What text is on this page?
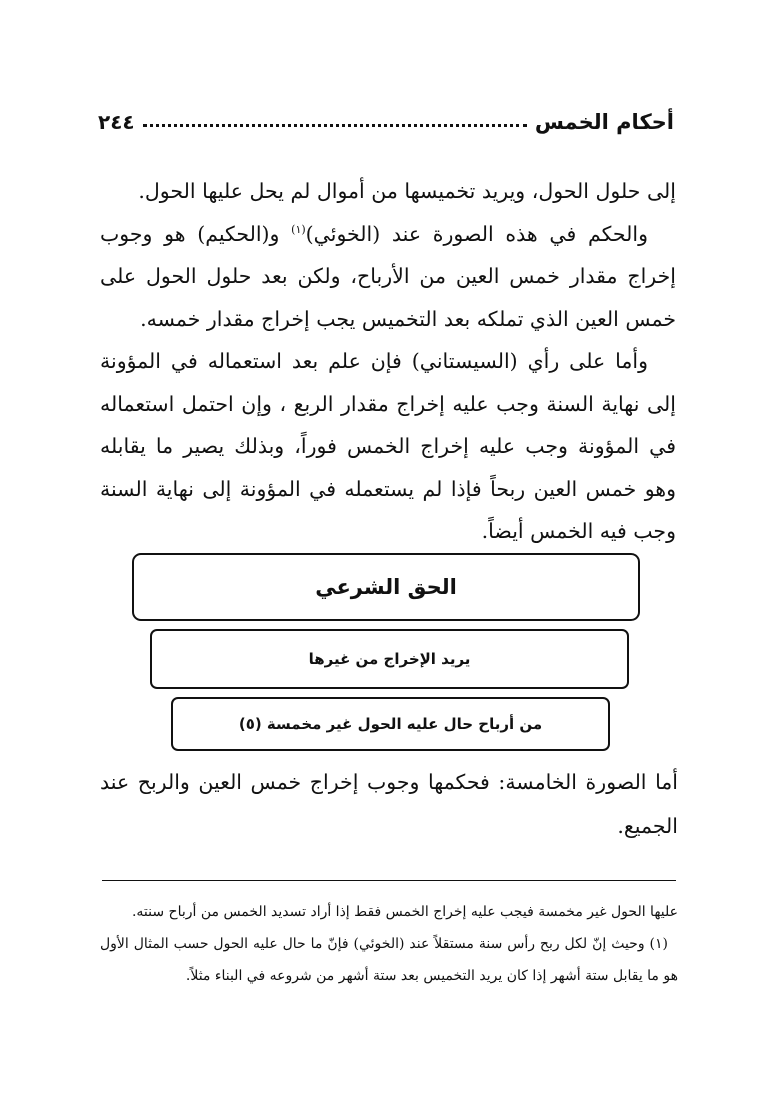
أحكام الخمس
٢٤٤

إلى حلول الحول، ويريد تخميسها من أموال لم يحل عليها الحول.

والحكم في هذه الصورة عند (الخوئي)$^{(١)}$ و(الحكيم) هو وجوب إخراج مقدار خمس العين من الأرباح، ولكن بعد حلول الحول على خمس العين الذي تملكه بعد التخميس يجب إخراج مقدار خمسه.

وأما على رأي (السيستاني) فإن علم بعد استعماله في المؤونة إلى نهاية السنة وجب عليه إخراج مقدار الربع ، وإن احتمل استعماله في المؤونة وجب عليه إخراج الخمس فوراً، وبذلك يصير ما يقابله وهو خمس العين ربحاً فإذا لم يستعمله في المؤونة إلى نهاية السنة وجب فيه الخمس أيضاً.

الحق الشرعي
يريد الإخراج من غيرها
من أرباح حال عليه الحول غير مخمسة (٥)

أما الصورة الخامسة: فحكمها وجوب إخراج خمس العين والربح عند الجميع.

عليها الحول غير مخمسة فيجب عليه إخراج الخمس فقط إذا أراد تسديد الخمس من أرباح سنته.

(١) وحيث إنّ لكل ربح رأس سنة مستقلاً عند (الخوئي) فإنّ ما حال عليه الحول حسب المثال الأول هو ما يقابل ستة أشهر إذا كان يريد التخميس بعد ستة أشهر من شروعه في البناء مثلاً.
